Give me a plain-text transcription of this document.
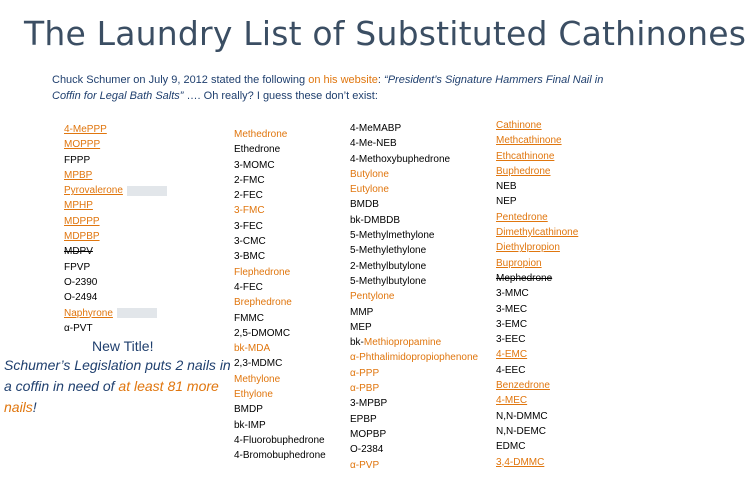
The Laundry List of Substituted Cathinones
Chuck Schumer on July 9, 2012 stated the following on his website: “President’s Signature Hammers Final Nail in Coffin for Legal Bath Salts” …. Oh really? I guess these don’t exist:
4-MePPP
MOPPP
FPPP
MPBP
Pyrovalerone
MPHP
MDPPP
MDPBP
MDPV
FPVP
O-2390
O-2494
Naphyrone
α-PVT
Methedrone
Ethedrone
3-MOMC
2-FMC
2-FEC
3-FMC
3-FEC
3-CMC
3-BMC
Flephedrone
4-FEC
Brephedrone
FMMC
2,5-DMOMC
bk-MDA
2,3-MDMC
Methylone
Ethylone
BMDP
bk-IMP
4-Fluorobuphedrone
4-Bromobuphedrone
4-MeMABP
4-Me-NEB
4-Methoxybuphedrone
Butylone
Eutylone
BMDB
bk-DMBDB
5-Methylmethylone
5-Methylethylone
2-Methylbutylone
5-Methylbutylone
Pentylone
MMP
MEP
bk-Methiopropamine
α-Phthalimidopropiophenone
α-PPP
α-PBP
3-MPBP
EPBP
MOPBP
O-2384
α-PVP
Cathinone
Methcathinone
Ethcathinone
Buphedrone
NEB
NEP
Pentedrone
Dimethylcathinone
Diethylpropion
Bupropion
Mephedrone
3-MMC
3-MEC
3-EMC
3-EEC
4-EMC
4-EEC
Benzedrone
4-MEC
N,N-DMMC
N,N-DEMC
EDMC
3,4-DMMC
New Title!
Schumer’s Legislation puts 2 nails in a coffin in need of at least 81 more nails!
